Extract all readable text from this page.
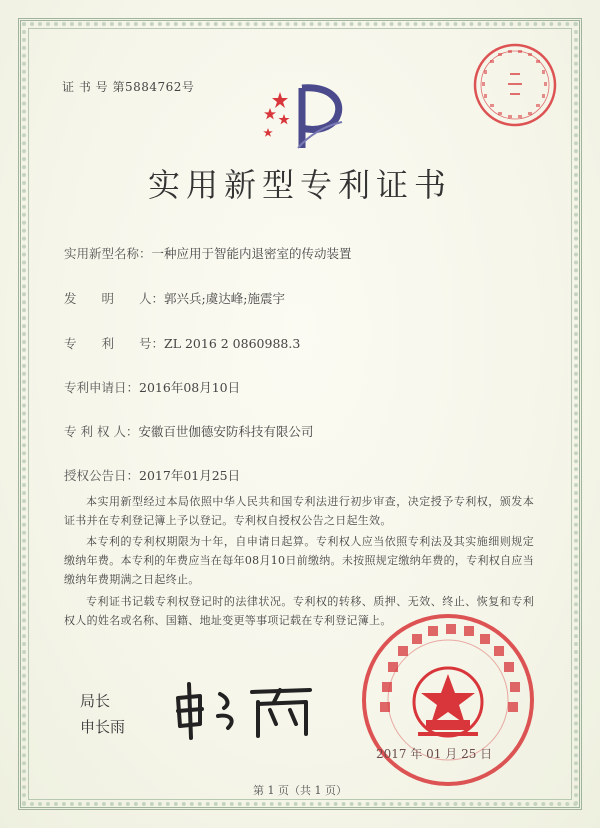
证 书 号 第5884762号
实用新型专利证书
实用新型名称：一种应用于智能内退密室的传动装置
发　　明　　人：郭兴兵;虞达峰;施震宇
专　　利　　号：ZL 2016 2 0860988.3
专利申请日：2016年08月10日
专 利 权 人：安徽百世伽德安防科技有限公司
授权公告日：2017年01月25日
本实用新型经过本局依照中华人民共和国专利法进行初步审查，决定授予专利权，颁发本证书并在专利登记簿上予以登记。专利权自授权公告之日起生效。
本专利的专利权期限为十年，自申请日起算。专利权人应当依照专利法及其实施细则规定缴纳年费。本专利的年费应当在每年08月10日前缴纳。未按照规定缴纳年费的，专利权自应当缴纳年费期满之日起终止。
专利证书记载专利权登记时的法律状况。专利权的转移、质押、无效、终止、恢复和专利权人的姓名或名称、国籍、地址变更等事项记载在专利登记簿上。
局长
申长雨
2017 年 01 月 25 日
第 1 页（共 1 页）
